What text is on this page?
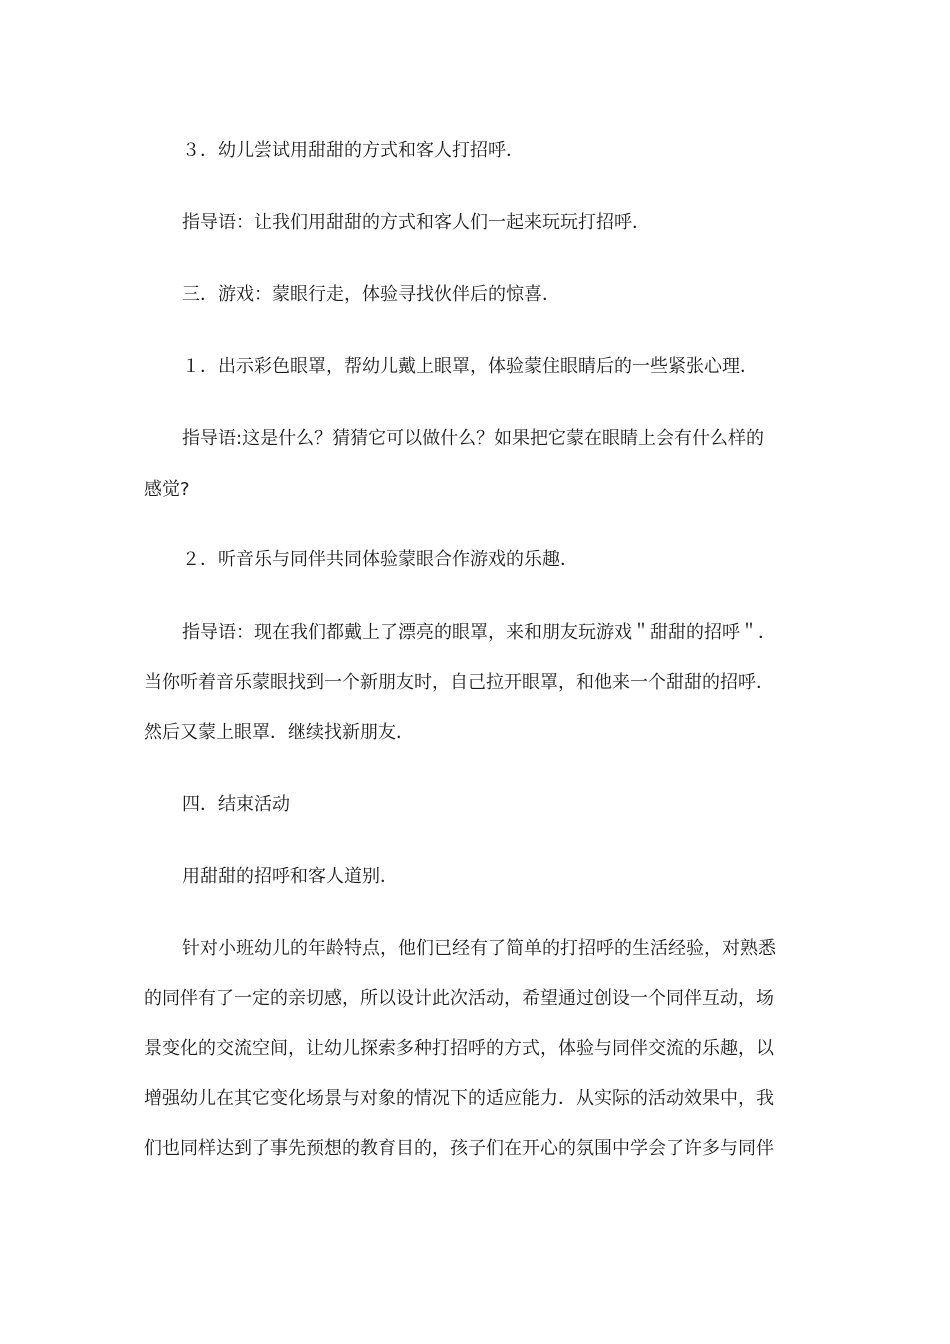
３．幼儿尝试用甜甜的方式和客人打招呼．
指导语：让我们用甜甜的方式和客人们一起来玩玩打招呼．
三．游戏：蒙眼行走，体验寻找伙伴后的惊喜．
１．出示彩色眼罩，帮幼儿戴上眼罩，体验蒙住眼睛后的一些紧张心理．
指导语:这是什么？猜猜它可以做什么？如果把它蒙在眼睛上会有什么样的
感觉?
２．听音乐与同伴共同体验蒙眼合作游戏的乐趣．
指导语：现在我们都戴上了漂亮的眼罩，来和朋友玩游戏＂甜甜的招呼＂．
当你听着音乐蒙眼找到一个新朋友时，自己拉开眼罩，和他来一个甜甜的招呼．
然后又蒙上眼罩．继续找新朋友．
四．结束活动
用甜甜的招呼和客人道别．
针对小班幼儿的年龄特点，他们已经有了简单的打招呼的生活经验，对熟悉
的同伴有了一定的亲切感，所以设计此次活动，希望通过创设一个同伴互动，场
景变化的交流空间，让幼儿探索多种打招呼的方式，体验与同伴交流的乐趣，以
增强幼儿在其它变化场景与对象的情况下的适应能力．从实际的活动效果中，我
们也同样达到了事先预想的教育目的，孩子们在开心的氛围中学会了许多与同伴
